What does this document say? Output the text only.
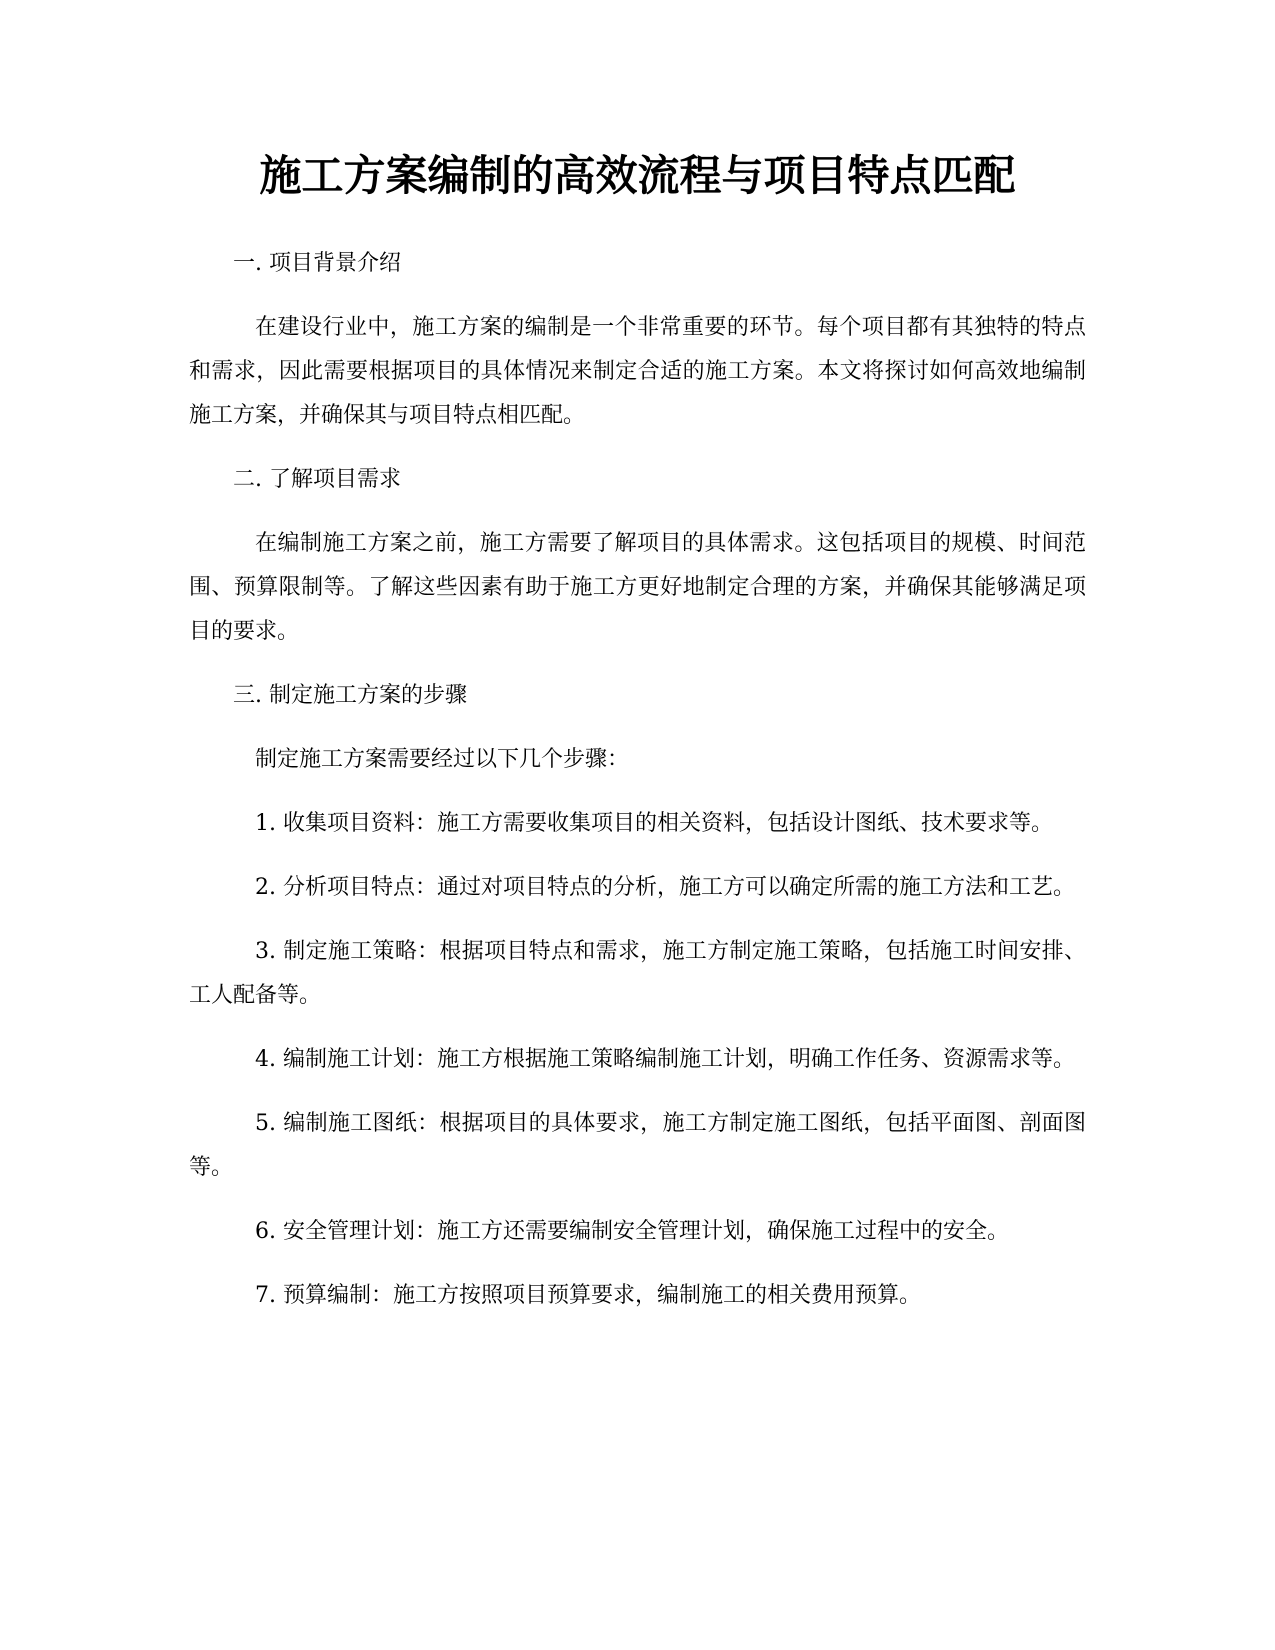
施工方案编制的高效流程与项目特点匹配

一. 项目背景介绍

在建设行业中，施工方案的编制是一个非常重要的环节。每个项目都有其独特的特点和需求，因此需要根据项目的具体情况来制定合适的施工方案。本文将探讨如何高效地编制施工方案，并确保其与项目特点相匹配。

二. 了解项目需求

在编制施工方案之前，施工方需要了解项目的具体需求。这包括项目的规模、时间范围、预算限制等。了解这些因素有助于施工方更好地制定合理的方案，并确保其能够满足项目的要求。

三. 制定施工方案的步骤

制定施工方案需要经过以下几个步骤：

1. 收集项目资料：施工方需要收集项目的相关资料，包括设计图纸、技术要求等。

2. 分析项目特点：通过对项目特点的分析，施工方可以确定所需的施工方法和工艺。

3. 制定施工策略：根据项目特点和需求，施工方制定施工策略，包括施工时间安排、工人配备等。

4. 编制施工计划：施工方根据施工策略编制施工计划，明确工作任务、资源需求等。

5. 编制施工图纸：根据项目的具体要求，施工方制定施工图纸，包括平面图、剖面图等。

6. 安全管理计划：施工方还需要编制安全管理计划，确保施工过程中的安全。

7. 预算编制：施工方按照项目预算要求，编制施工的相关费用预算。
